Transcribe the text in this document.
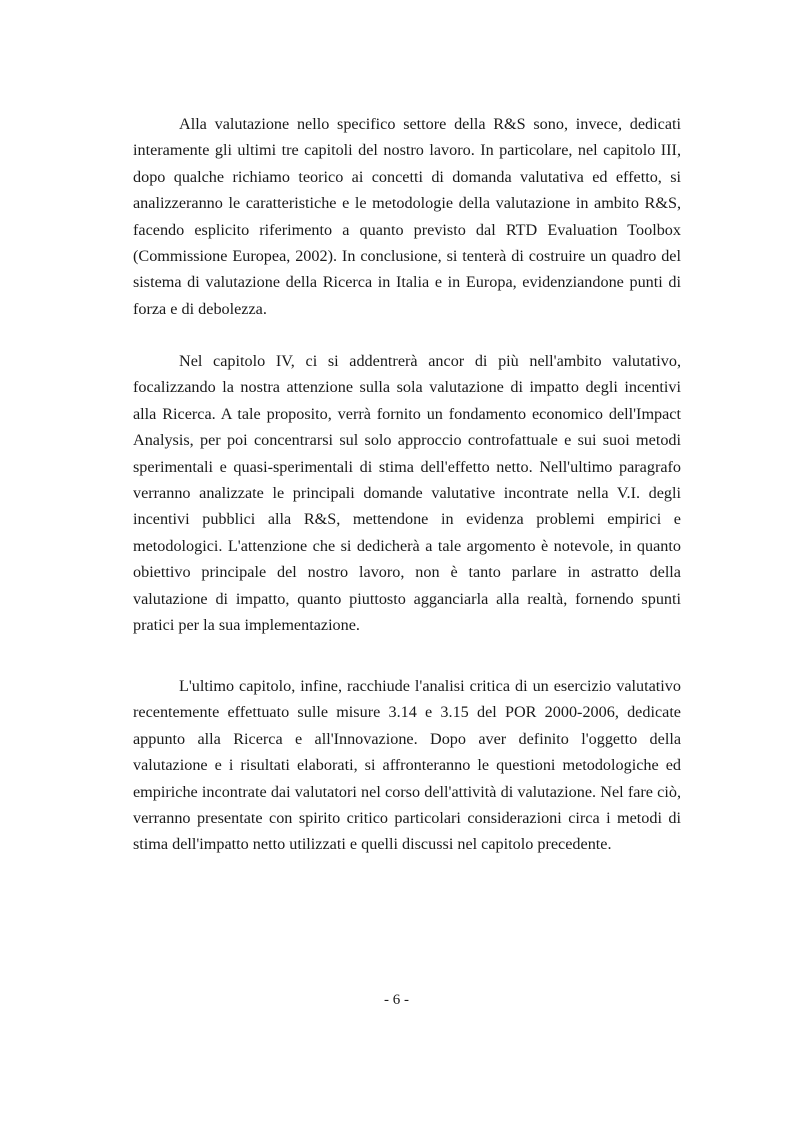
Alla valutazione nello specifico settore della R&S sono, invece, dedicati interamente gli ultimi tre capitoli del nostro lavoro. In particolare, nel capitolo III, dopo qualche richiamo teorico ai concetti di domanda valutativa ed effetto, si analizzeranno le caratteristiche e le metodologie della valutazione in ambito R&S, facendo esplicito riferimento a quanto previsto dal RTD Evaluation Toolbox (Commissione Europea, 2002). In conclusione, si tenterà di costruire un quadro del sistema di valutazione della Ricerca in Italia e in Europa, evidenziandone punti di forza e di debolezza.

Nel capitolo IV, ci si addentrerà ancor di più nell'ambito valutativo, focalizzando la nostra attenzione sulla sola valutazione di impatto degli incentivi alla Ricerca. A tale proposito, verrà fornito un fondamento economico dell'Impact Analysis, per poi concentrarsi sul solo approccio controfattuale e sui suoi metodi sperimentali e quasi-sperimentali di stima dell'effetto netto. Nell'ultimo paragrafo verranno analizzate le principali domande valutative incontrate nella V.I. degli incentivi pubblici alla R&S, mettendone in evidenza problemi empirici e metodologici. L'attenzione che si dedicherà a tale argomento è notevole, in quanto obiettivo principale del nostro lavoro, non è tanto parlare in astratto della valutazione di impatto, quanto piuttosto agganciarla alla realtà, fornendo spunti pratici per la sua implementazione.

L'ultimo capitolo, infine, racchiude l'analisi critica di un esercizio valutativo recentemente effettuato sulle misure 3.14 e 3.15 del POR 2000-2006, dedicate appunto alla Ricerca e all'Innovazione. Dopo aver definito l'oggetto della valutazione e i risultati elaborati, si affronteranno le questioni metodologiche ed empiriche incontrate dai valutatori nel corso dell'attività di valutazione. Nel fare ciò, verranno presentate con spirito critico particolari considerazioni circa i metodi di stima dell'impatto netto utilizzati e quelli discussi nel capitolo precedente.

- 6 -
